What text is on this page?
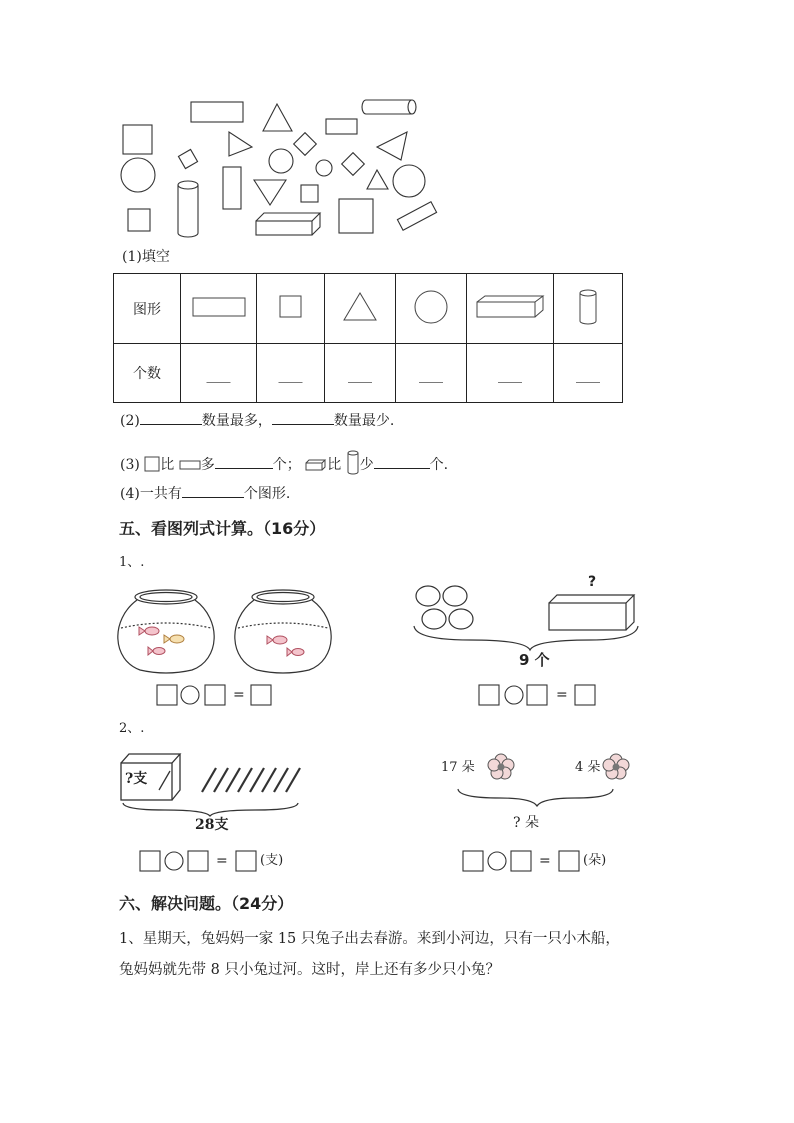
(1)填空
图形						
个数	___	___	___	___	___	___
(2)	数量最多，	数量最少.
(3) 比 多	个； 比 少	个.
(4)一共有	个图形.
五、看图列式计算。（16分）
1、.
?
9 个
=	=
=	=
2、.
?支
28支
(支)
17 朵	4 朵
? 朵
(朵)
六、解决问题。（24分）
1、星期天，兔妈妈一家 15 只兔子出去春游。来到小河边，只有一只小木船，
兔妈妈就先带 8 只小兔过河。这时，岸上还有多少只小兔？
